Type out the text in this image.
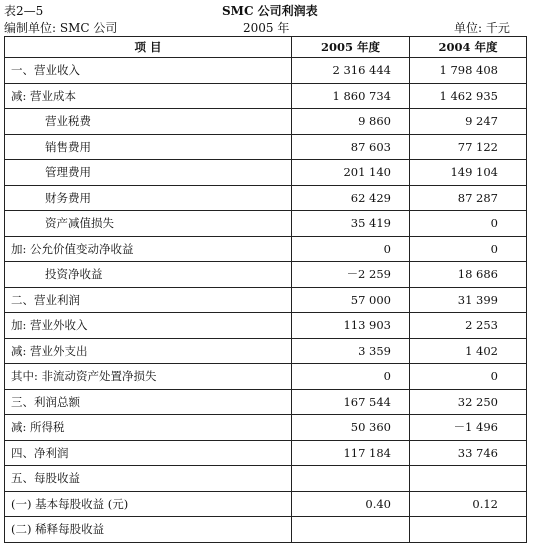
表2—5	SMC 公司利润表
编制单位: SMC 公司	2005 年	单位: 千元
项 目	2005 年度	2004 年度
一、营业收入	2 316 444	1 798 408
减: 营业成本	1 860 734	1 462 935
营业税费	9 860	9 247
销售费用	87 603	77 122
管理费用	201 140	149 104
财务费用	62 429	87 287
资产减值损失	35 419	0
加: 公允价值变动净收益	0	0
投资净收益	－2 259	18 686
二、营业利润	57 000	31 399
加: 营业外收入	113 903	2 253
减: 营业外支出	3 359	1 402
其中: 非流动资产处置净损失	0	0
三、利润总额	167 544	32 250
减: 所得税	50 360	－1 496
四、净利润	117 184	33 746
五、每股收益		
(一) 基本每股收益 (元)	0.40	0.12
(二) 稀释每股收益		
